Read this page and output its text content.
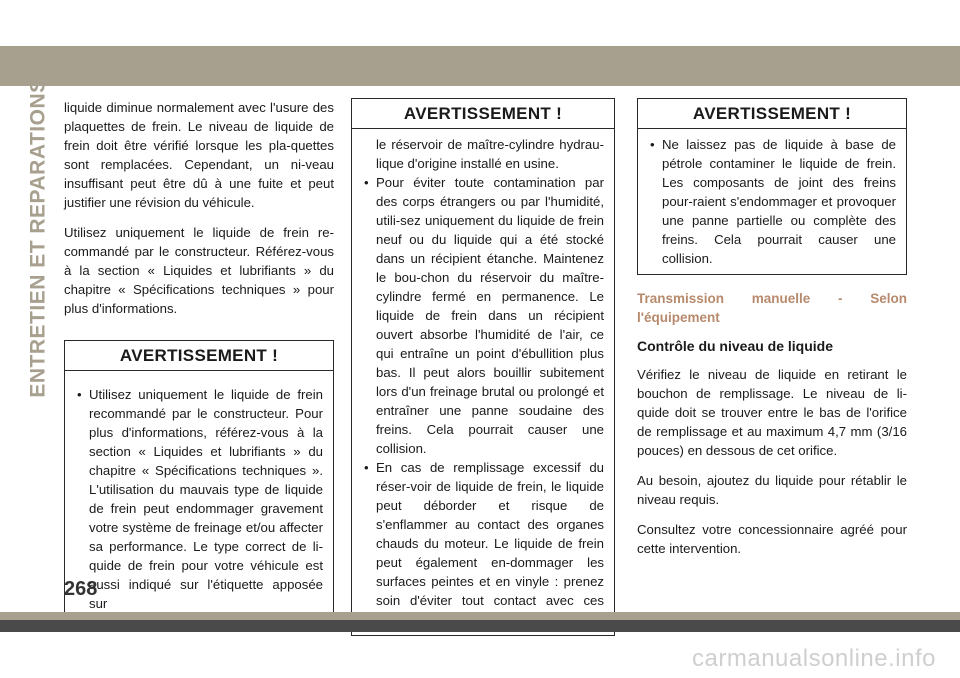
ENTRETIEN ET REPARATIONS liquide diminue normalement avec l'usure des plaquettes de frein. Le niveau de liquide de frein doit être vérifié lorsque les pla-quettes sont remplacées. Cependant, un ni-veau insuffisant peut être dû à une fuite et peut justifier une révision du véhicule.

Utilisez uniquement le liquide de frein re-commandé par le constructeur. Référez-vous à la section « Liquides et lubrifiants » du chapitre « Spécifications techniques » pour plus d'informations.

AVERTISSEMENT !
• Utilisez uniquement le liquide de frein recommandé par le constructeur. Pour plus d'informations, référez-vous à la section « Liquides et lubrifiants » du chapitre « Spécifications techniques ». L'utilisation du mauvais type de liquide de frein peut endommager gravement votre système de freinage et/ou affecter sa performance. Le type correct de li-quide de frein pour votre véhicule est aussi indiqué sur l'étiquette apposée sur
AVERTISSEMENT !
le réservoir de maître-cylindre hydrau-lique d'origine installé en usine.
• Pour éviter toute contamination par des corps étrangers ou par l'humidité, utili-sez uniquement du liquide de frein neuf ou du liquide qui a été stocké dans un récipient étanche. Maintenez le bou-chon du réservoir du maître-cylindre fermé en permanence. Le liquide de frein dans un récipient ouvert absorbe l'humidité de l'air, ce qui entraîne un point d'ébullition plus bas. Il peut alors bouillir subitement lors d'un freinage brutal ou prolongé et entraîner une panne soudaine des freins. Cela pourrait causer une collision.
• En cas de remplissage excessif du réser-voir de liquide de frein, le liquide peut déborder et risque de s'enflammer au contact des organes chauds du moteur. Le liquide de frein peut également en-dommager les surfaces peintes et en vinyle : prenez soin d'éviter tout contact avec ces
AVERTISSEMENT !
• Ne laissez pas de liquide à base de pétrole contaminer le liquide de frein. Les composants de joint des freins pour-raient s'endommager et provoquer une panne partielle ou complète des freins. Cela pourrait causer une collision.
Transmission manuelle - Selon l'équipement
Contrôle du niveau de liquide

Vérifiez le niveau de liquide en retirant le bouchon de remplissage. Le niveau de li-quide doit se trouver entre le bas de l'orifice de remplissage et au maximum 4,7 mm (3/16 pouces) en dessous de cet orifice.

Au besoin, ajoutez du liquide pour rétablir le niveau requis.

Consultez votre concessionnaire agréé pour cette intervention.

268
carmanualsonline.info
